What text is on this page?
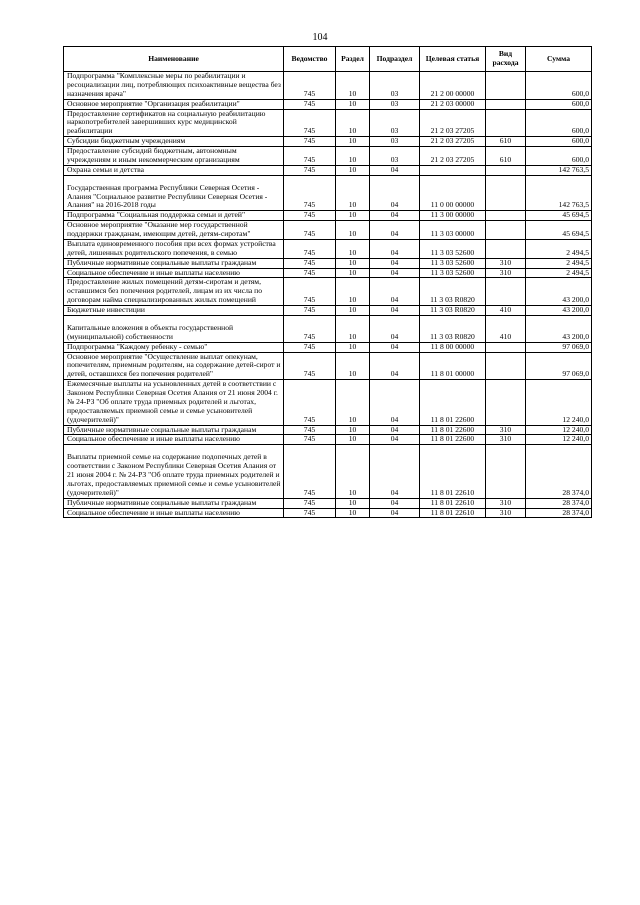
104
Наименование	Ведомство	Раздел	Подраздел	Целевая статья	Вид расхода	Сумма
Подпрограмма "Комплексные меры по реабилитации и ресоциализации лиц, потребляющих психоактивные вещества без назначения врача"	745	10	03	21 2 00 00000		600,0
Основное мероприятие "Организация реабилитации"	745	10	03	21 2 03 00000		600,0
Предоставление сертификатов на социальную реабилитацию наркопотребителей завершивших курс медицинской реабилитации	745	10	03	21 2 03 27205		600,0
Субсидии бюджетным учреждениям	745	10	03	21 2 03 27205	610	600,0
Предоставление субсидий бюджетным, автономным учреждениям и иным некоммерческим организациям	745	10	03	21 2 03 27205	610	600,0
Охрана семьи и детства	745	10	04			142 763,5

Государственная программа Республики Северная Осетия - Алания "Социальное развитие Республики Северная Осетия - Алания" на 2016-2018 годы	745	10	04	11 0 00 00000		142 763,5
Подпрограмма "Социальная поддержка семьи и детей"	745	10	04	11 3 00 00000		45 694,5
Основное мероприятие "Оказание мер государственной поддержки гражданам, имеющим детей, детям-сиротам"	745	10	04	11 3 03 00000		45 694,5
Выплата единовременного пособия при всех формах устройства детей, лишенных родительского попечения, в семью	745	10	04	11 3 03 52600		2 494,5
Публичные нормативные социальные выплаты гражданам	745	10	04	11 3 03 52600	310	2 494,5
Социальное обеспечение и иные выплаты населению	745	10	04	11 3 03 52600	310	2 494,5
Предоставление жилых помещений детям-сиротам и детям, оставшимся без попечения родителей, лицам из их числа по договорам найма специализированных жилых помещений	745	10	04	11 3 03 R0820		43 200,0
Бюджетные инвестиции	745	10	04	11 3 03 R0820	410	43 200,0

Капитальные вложения в объекты государственной (муниципальной) собственности	745	10	04	11 3 03 R0820	410	43 200,0
Подпрограмма "Каждому ребенку - семью"	745	10	04	11 8 00 00000		97 069,0
Основное мероприятие "Осуществление выплат опекунам, попечителям, приемным родителям, на содержание детей-сирот и детей, оставшихся без попечения родителей"	745	10	04	11 8 01 00000		97 069,0
Ежемесячные выплаты на усыновленных детей в соответствии с Законом Республики Северная Осетия Алания от 21 июня 2004 г. № 24-РЗ "Об оплате труда приемных родителей и льготах, предоставляемых приемной семье и семье усыновителей (удочерителей)"	745	10	04	11 8 01 22600		12 240,0
Публичные нормативные социальные выплаты гражданам	745	10	04	11 8 01 22600	310	12 240,0
Социальное обеспечение и иные выплаты населению	745	10	04	11 8 01 22600	310	12 240,0

Выплаты приемной семье на содержание подопечных детей в соответствии с Законом Республики Северная Осетия Алания от 21 июня 2004 г. № 24-РЗ "Об оплате труда приемных родителей и льготах, предоставляемых приемной семье и семье усыновителей (удочерителей)"	745	10	04	11 8 01 22610		28 374,0
Публичные нормативные социальные выплаты гражданам	745	10	04	11 8 01 22610	310	28 374,0
Социальное обеспечение и иные выплаты населению	745	10	04	11 8 01 22610	310	28 374,0
